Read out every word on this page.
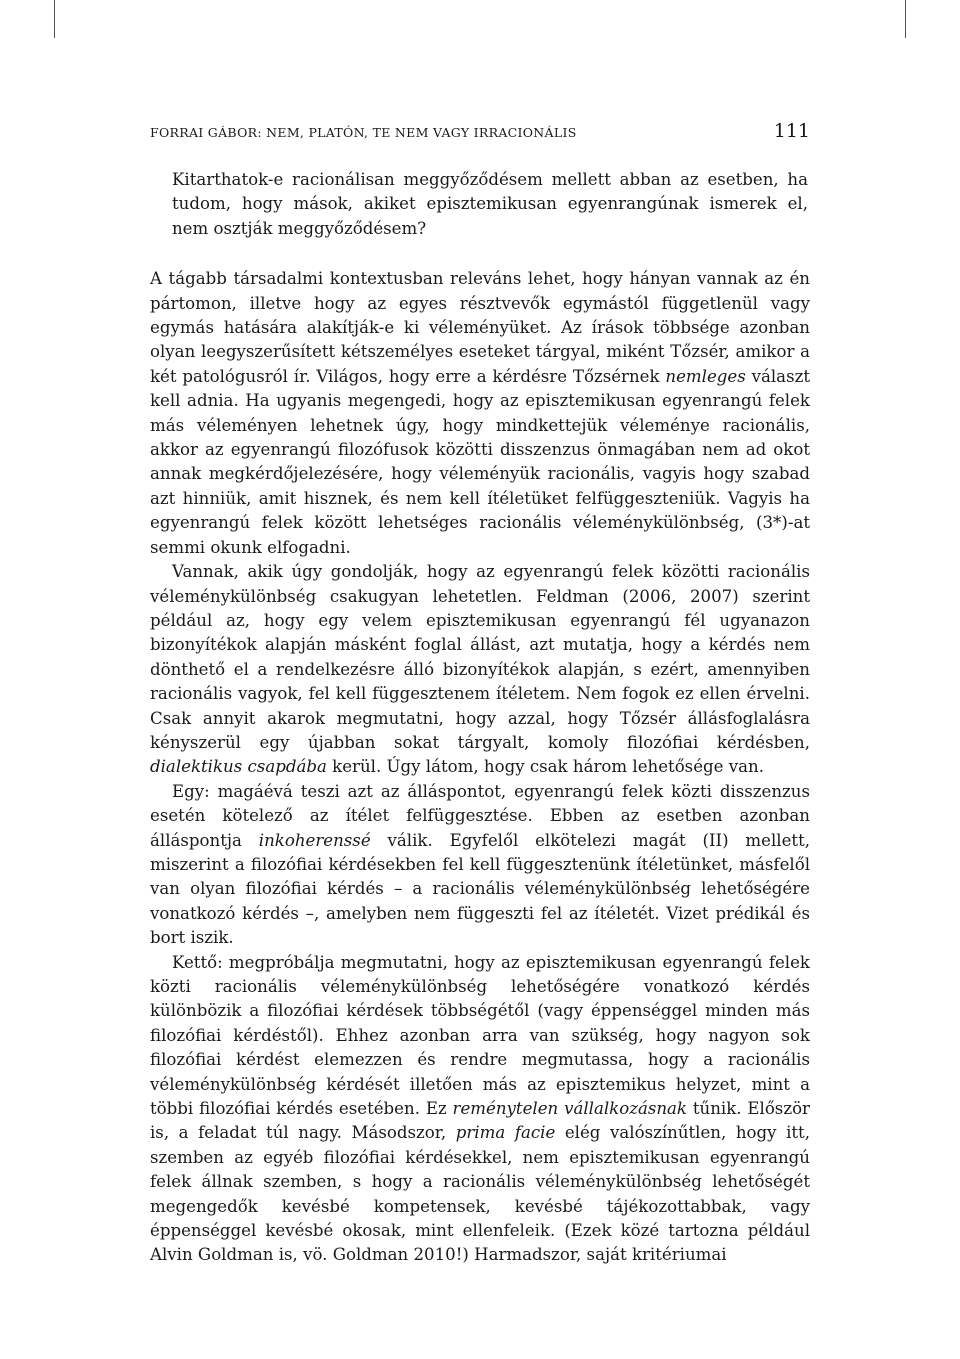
FORRAI GÁBOR: NEM, PLATÓN, TE NEM VAGY IRRACIONÁLIS	111

Kitarthatok-e racionálisan meggyőződésem mellett abban az esetben, ha tudom, hogy mások, akiket episztemikusan egyenrangúnak ismerek el, nem osztják meggyőződésem?

A tágabb társadalmi kontextusban releváns lehet, hogy hányan vannak az én pártomon, illetve hogy az egyes résztvevők egymástól függetlenül vagy egymás hatására alakítják-e ki véleményüket. Az írások többsége azonban olyan leegyszerűsített kétszemélyes eseteket tárgyal, miként Tőzsér, amikor a két patológusról ír. Világos, hogy erre a kérdésre Tőzsérnek nemleges választ kell adnia. Ha ugyanis megengedi, hogy az episztemikusan egyenrangú felek más véleményen lehetnek úgy, hogy mindkettejük véleménye racionális, akkor az egyenrangú filozófusok közötti disszenzus önmagában nem ad okot annak megkérdőjelezésére, hogy véleményük racionális, vagyis hogy szabad azt hinniük, amit hisznek, és nem kell ítéletüket felfüggeszteniük. Vagyis ha egyenrangú felek között lehetséges racionális véleménykülönbség, (3*)-at semmi okunk elfogadni.

Vannak, akik úgy gondolják, hogy az egyenrangú felek közötti racionális véleménykülönbség csakugyan lehetetlen. Feldman (2006, 2007) szerint például az, hogy egy velem episztemikusan egyenrangú fél ugyanazon bizonyítékok alapján másként foglal állást, azt mutatja, hogy a kérdés nem dönthető el a rendelkezésre álló bizonyítékok alapján, s ezért, amennyiben racionális vagyok, fel kell függesztenem ítéletem. Nem fogok ez ellen érvelni. Csak annyit akarok megmutatni, hogy azzal, hogy Tőzsér állásfoglalásra kényszerül egy újabban sokat tárgyalt, komoly filozófiai kérdésben, dialektikus csapdába kerül. Úgy látom, hogy csak három lehetősége van.

Egy: magáévá teszi azt az álláspontot, egyenrangú felek közti disszenzus esetén kötelező az ítélet felfüggesztése. Ebben az esetben azonban álláspontja inkoherenssé válik. Egyfelől elkötelezi magát (II) mellett, miszerint a filozófiai kérdésekben fel kell függesztenünk ítéletünket, másfelől van olyan filozófiai kérdés – a racionális véleménykülönbség lehetőségére vonatkozó kérdés –, amelyben nem függeszti fel az ítéletét. Vizet prédikál és bort iszik.

Kettő: megpróbálja megmutatni, hogy az episztemikusan egyenrangú felek közti racionális véleménykülönbség lehetőségére vonatkozó kérdés különbözik a filozófiai kérdések többségétől (vagy éppenséggel minden más filozófiai kérdéstől). Ehhez azonban arra van szükség, hogy nagyon sok filozófiai kérdést elemezzen és rendre megmutassa, hogy a racionális véleménykülönbség kérdését illetően más az episztemikus helyzet, mint a többi filozófiai kérdés esetében. Ez reménytelen vállalkozásnak tűnik. Először is, a feladat túl nagy. Másodszor, prima facie elég valószínűtlen, hogy itt, szemben az egyéb filozófiai kérdésekkel, nem episztemikusan egyenrangú felek állnak szemben, s hogy a racionális véleménykülönbség lehetőségét megengedők kevésbé kompetensek, kevésbé tájékozottabbak, vagy éppenséggel kevésbé okosak, mint ellenfeleik. (Ezek közé tartozna például Alvin Goldman is, vö. Goldman 2010!) Harmadszor, saját kritériumai
